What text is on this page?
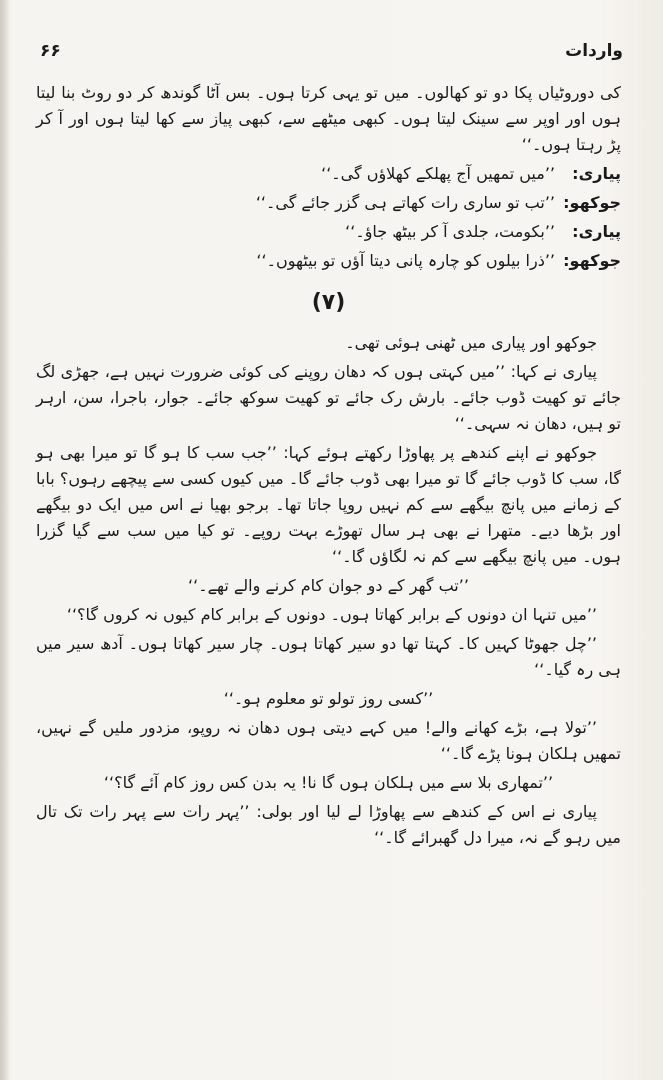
واردات
۶۶

کی دوروٹیاں پکا دو تو کھالوں۔ میں تو یہی کرتا ہوں۔ بس آٹا گوندھ کر دو روٹ بنا لیتا ہوں اور اوپر سے سینک لیتا ہوں۔ کبھی میٹھے سے، کبھی پیاز سے کھا لیتا ہوں اور آ کر پڑ رہتا ہوں۔‘‘

پیاری:
’’میں تمھیں آج پھلکے کھلاؤں گی۔‘‘
جوکھو:
’’تب تو ساری رات کھاتے ہی گزر جائے گی۔‘‘
پیاری:
’’بکومت، جلدی آ کر بیٹھ جاؤ۔‘‘
جوکھو:
’’ذرا بیلوں کو چارہ پانی دیتا آؤں تو بیٹھوں۔‘‘
(۷)

جوکھو اور پیاری میں ٹھنی ہوئی تھی۔

پیاری نے کہا: ’’میں کہتی ہوں کہ دھان روپنے کی کوئی ضرورت نہیں ہے، جھڑی لگ جائے تو کھیت ڈوب جائے۔ بارش رک جائے تو کھیت سوکھ جائے۔ جوار، باجرا، سن، ارہر تو ہیں، دھان نہ سہی۔‘‘

جوکھو نے اپنے کندھے پر پھاوڑا رکھتے ہوئے کہا: ’’جب سب کا ہو گا تو میرا بھی ہو گا، سب کا ڈوب جائے گا تو میرا بھی ڈوب جائے گا۔ میں کیوں کسی سے پیچھے رہوں؟ بابا کے زمانے میں پانچ بیگھے سے کم نہیں روپا جاتا تھا۔ برجو بھیا نے اس میں ایک دو بیگھے اور بڑھا دیے۔ متھرا نے بھی ہر سال تھوڑے بہت روپے۔ تو کیا میں سب سے گیا گزرا ہوں۔ میں پانچ بیگھے سے کم نہ لگاؤں گا۔‘‘

’’تب گھر کے دو جوان کام کرنے والے تھے۔‘‘

’’میں تنہا ان دونوں کے برابر کھاتا ہوں۔ دونوں کے برابر کام کیوں نہ کروں گا؟‘‘

’’چل جھوٹا کہیں کا۔ کہتا تھا دو سیر کھاتا ہوں۔ چار سیر کھاتا ہوں۔ آدھ سیر میں ہی رہ گیا۔‘‘

’’کسی روز تولو تو معلوم ہو۔‘‘

’’تولا ہے، بڑے کھانے والے! میں کہے دیتی ہوں دھان نہ روپو، مزدور ملیں گے نہیں، تمھیں ہلکان ہونا پڑے گا۔‘‘

’’تمھاری بلا سے میں ہلکان ہوں گا نا! یہ بدن کس روز کام آئے گا؟‘‘

پیاری نے اس کے کندھے سے پھاوڑا لے لیا اور بولی: ’’پہر رات سے پہر رات تک تال میں رہو گے نہ، میرا دل گھبرائے گا۔‘‘
